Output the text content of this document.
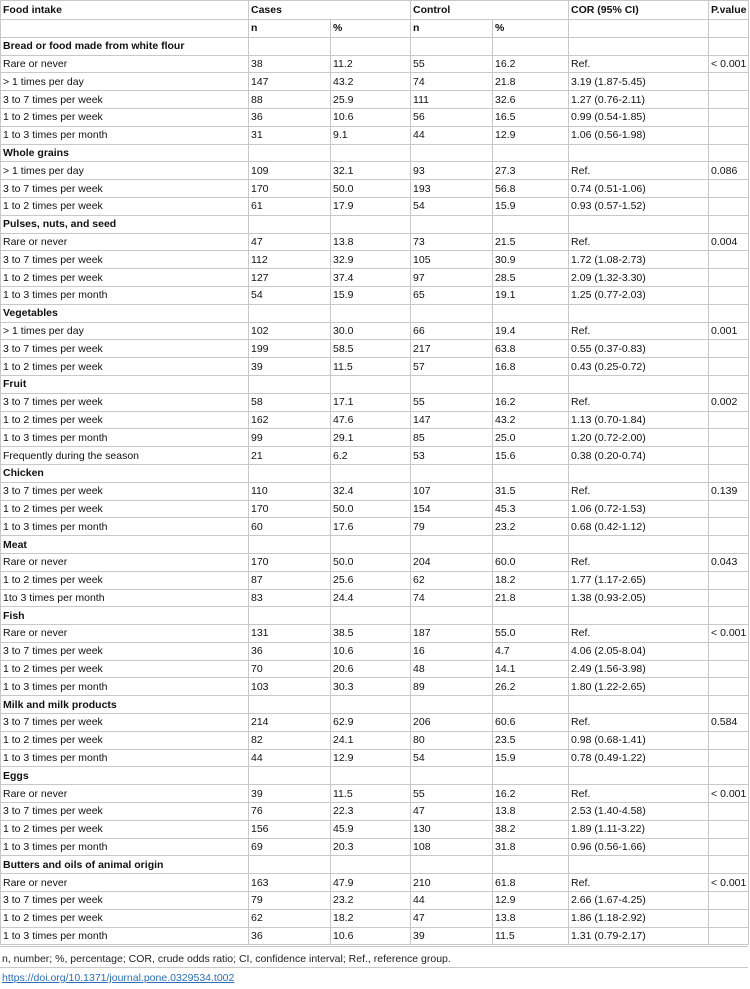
Food intake	Cases		Control		COR (95% CI)	P.value
	n	%	n	%		
Bread or food made from white flour						
Rare or never	38	11.2	55	16.2	Ref.	< 0.001
> 1 times per day	147	43.2	74	21.8	3.19 (1.87-5.45)	
3 to 7 times per week	88	25.9	111	32.6	1.27 (0.76-2.11)	
1 to 2 times per week	36	10.6	56	16.5	0.99 (0.54-1.85)	
1 to 3 times per month	31	9.1	44	12.9	1.06 (0.56-1.98)	
Whole grains						
> 1 times per day	109	32.1	93	27.3	Ref.	0.086
3 to 7 times per week	170	50.0	193	56.8	0.74 (0.51-1.06)	
1 to 2 times per week	61	17.9	54	15.9	0.93 (0.57-1.52)	
Pulses, nuts, and seed						
Rare or never	47	13.8	73	21.5	Ref.	0.004
3 to 7 times per week	112	32.9	105	30.9	1.72 (1.08-2.73)	
1 to 2 times per week	127	37.4	97	28.5	2.09 (1.32-3.30)	
1 to 3 times per month	54	15.9	65	19.1	1.25 (0.77-2.03)	
Vegetables						
> 1 times per day	102	30.0	66	19.4	Ref.	0.001
3 to 7 times per week	199	58.5	217	63.8	0.55 (0.37-0.83)	
1 to 2 times per week	39	11.5	57	16.8	0.43 (0.25-0.72)	
Fruit						
3 to 7 times per week	58	17.1	55	16.2	Ref.	0.002
1 to 2 times per week	162	47.6	147	43.2	1.13 (0.70-1.84)	
1 to 3 times per month	99	29.1	85	25.0	1.20 (0.72-2.00)	
Frequently during the season	21	6.2	53	15.6	0.38 (0.20-0.74)	
Chicken						
3 to 7 times per week	110	32.4	107	31.5	Ref.	0.139
1 to 2 times per week	170	50.0	154	45.3	1.06 (0.72-1.53)	
1 to 3 times per month	60	17.6	79	23.2	0.68 (0.42-1.12)	
Meat						
Rare or never	170	50.0	204	60.0	Ref.	0.043
1 to 2 times per week	87	25.6	62	18.2	1.77 (1.17-2.65)	
1to 3 times per month	83	24.4	74	21.8	1.38 (0.93-2.05)	
Fish						
Rare or never	131	38.5	187	55.0	Ref.	< 0.001
3 to 7 times per week	36	10.6	16	4.7	4.06 (2.05-8.04)	
1 to 2 times per week	70	20.6	48	14.1	2.49 (1.56-3.98)	
1 to 3 times per month	103	30.3	89	26.2	1.80 (1.22-2.65)	
Milk and milk products						
3 to 7 times per week	214	62.9	206	60.6	Ref.	0.584
1 to 2 times per week	82	24.1	80	23.5	0.98 (0.68-1.41)	
1 to 3 times per month	44	12.9	54	15.9	0.78 (0.49-1.22)	
Eggs						
Rare or never	39	11.5	55	16.2	Ref.	< 0.001
3 to 7 times per week	76	22.3	47	13.8	2.53 (1.40-4.58)	
1 to 2 times per week	156	45.9	130	38.2	1.89 (1.11-3.22)	
1 to 3 times per month	69	20.3	108	31.8	0.96 (0.56-1.66)	
Butters and oils of animal origin						
Rare or never	163	47.9	210	61.8	Ref.	< 0.001
3 to 7 times per week	79	23.2	44	12.9	2.66 (1.67-4.25)	
1 to 2 times per week	62	18.2	47	13.8	1.86 (1.18-2.92)	
1 to 3 times per month	36	10.6	39	11.5	1.31 (0.79-2.17)	
n, number; %, percentage; COR, crude odds ratio; CI, confidence interval; Ref., reference group.
https://doi.org/10.1371/journal.pone.0329534.t002
